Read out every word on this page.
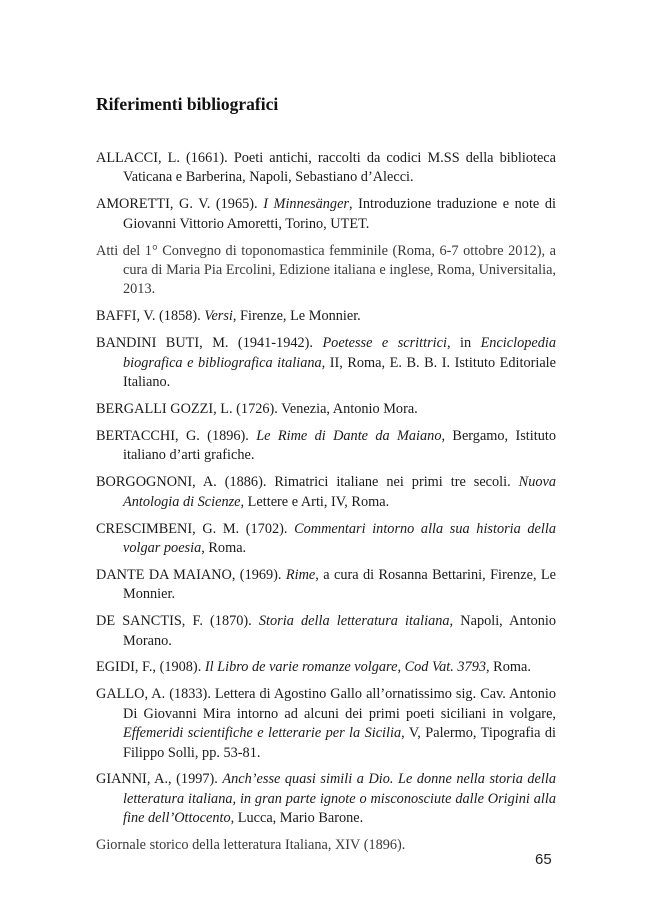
Riferimenti bibliografici
ALLACCI, L. (1661). Poeti antichi, raccolti da codici M.SS della biblioteca Vaticana e Barberina, Napoli, Sebastiano d’Alecci.
AMORETTI, G. V. (1965). I Minnesänger, Introduzione traduzione e note di Giovanni Vittorio Amoretti, Torino, UTET.
Atti del 1° Convegno di toponomastica femminile (Roma, 6-7 ottobre 2012), a cura di Maria Pia Ercolini, Edizione italiana e inglese, Roma, Universitalia, 2013.
BAFFI, V. (1858). Versi, Firenze, Le Monnier.
BANDINI BUTI, M. (1941-1942). Poetesse e scrittrici, in Enciclopedia biografica e bibliografica italiana, II, Roma, E. B. B. I. Istituto Editoriale Italiano.
BERGALLI GOZZI, L. (1726). Venezia, Antonio Mora.
BERTACCHI, G. (1896). Le Rime di Dante da Maiano, Bergamo, Istituto italiano d’arti grafiche.
BORGOGNONI, A. (1886). Rimatrici italiane nei primi tre secoli. Nuova Antologia di Scienze, Lettere e Arti, IV, Roma.
CRESCIMBENI, G. M. (1702). Commentari intorno alla sua historia della volgar poesia, Roma.
DANTE DA MAIANO, (1969). Rime, a cura di Rosanna Bettarini, Firenze, Le Monnier.
DE SANCTIS, F. (1870). Storia della letteratura italiana, Napoli, Antonio Morano.
EGIDI, F., (1908). Il Libro de varie romanze volgare, Cod Vat. 3793, Roma.
GALLO, A. (1833). Lettera di Agostino Gallo all’ornatissimo sig. Cav. Antonio Di Giovanni Mira intorno ad alcuni dei primi poeti siciliani in volgare, Effemeridi scientifiche e letterarie per la Sicilia, V, Palermo, Tipografia di Filippo Solli, pp. 53-81.
GIANNI, A., (1997). Anch’esse quasi simili a Dio. Le donne nella storia della letteratura italiana, in gran parte ignote o misconosciute dalle Origini alla fine dell’Ottocento, Lucca, Mario Barone.
Giornale storico della letteratura Italiana, XIV (1896).
65
